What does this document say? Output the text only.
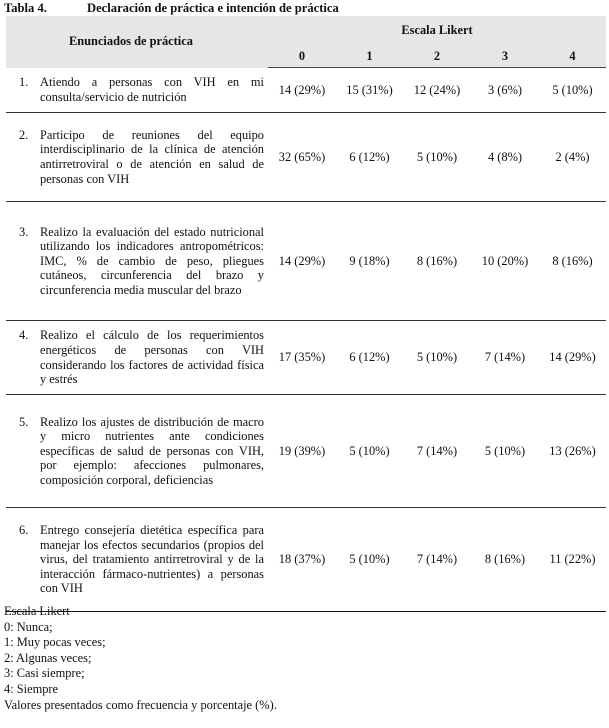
Tabla 4.	Declaración de práctica e intención de práctica
Enunciados de práctica	Escala Likert				
	0	1	2	3	4

1. Atiendo a personas con VIH en mi consulta/servicio de nutrición	14 (29%)	15 (31%)	12 (24%)	3 (6%)	5 (10%)

2. Participo de reuniones del equipo interdisciplinario de la clínica de atención antirretroviral o de atención en salud de personas con VIH	32 (65%)	6 (12%)	5 (10%)	4 (8%)	2 (4%)

3. Realizo la evaluación del estado nutricional utilizando los indicadores antropométricos: IMC, % de cambio de peso, pliegues cutáneos, circunferencia del brazo y circunferencia media muscular del brazo	14 (29%)	9 (18%)	8 (16%)	10 (20%)	8 (16%)

4. Realizo el cálculo de los requerimientos energéticos de personas con VIH considerando los factores de actividad física y estrés	17 (35%)	6 (12%)	5 (10%)	7 (14%)	14 (29%)

5. Realizo los ajustes de distribución de macro y micro nutrientes ante condiciones específicas de salud de personas con VIH, por ejemplo: afecciones pulmonares, composición corporal, deficiencias	19 (39%)	5 (10%)	7 (14%)	5 (10%)	13 (26%)

6. Entrego consejería dietética específica para manejar los efectos secundarios (propios del virus, del tratamiento antirretroviral y de la interacción fármaco-nutrientes) a personas con VIH	18 (37%)	5 (10%)	7 (14%)	8 (16%)	11 (22%)
Escala Likert
0: Nunca;
1: Muy pocas veces;
2: Algunas veces;
3: Casi siempre;
4: Siempre
Valores presentados como frecuencia y porcentaje (%).
